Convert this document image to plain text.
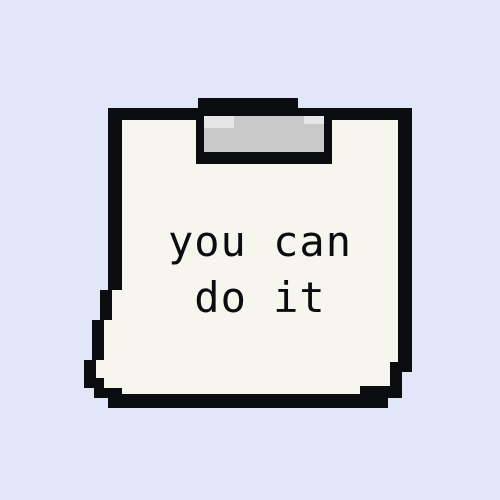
you can
do it
